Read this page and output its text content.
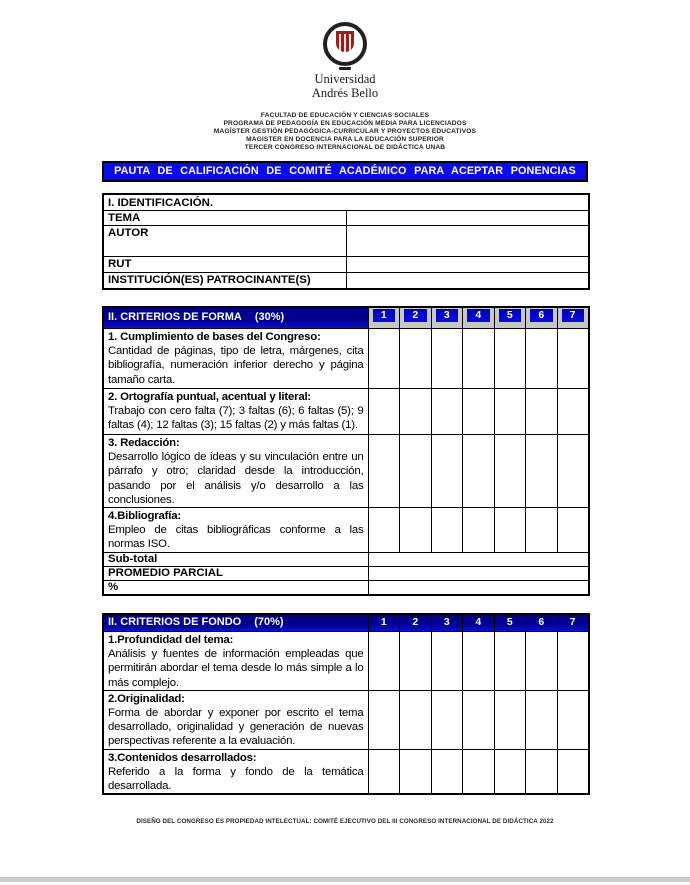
Universidad
Andrés Bello
FACULTAD DE EDUCACIÓN Y CIENCIAS SOCIALES
PROGRAMA DE PEDAGOGÍA EN EDUCACIÓN MEDIA PARA LICENCIADOS
MAGÍSTER GESTIÓN PEDAGÓGICA-CURRICULAR Y PROYECTOS EDUCATIVOS
MAGISTER EN DOCENCIA PARA LA EDUCACIÓN SUPERIOR
TERCER CONGRESO INTERNACIONAL DE DIDÁCTICA UNAB
PAUTA DE CALIFICACIÓN DE COMITÉ ACADÉMICO PARA ACEPTAR PONENCIAS
I. IDENTIFICACIÓN.	
TEMA	
AUTOR	
RUT	
INSTITUCIÓN(ES) PATROCINANTE(S)	
II. CRITERIOS DE FORMA (30%)	1	2	3	4	5	6	7

1. Cumplimiento de bases del Congreso:
Cantidad de páginas, tipo de letra, márgenes, cita bibliografía, numeración inferior derecho y página tamaño carta.							

2. Ortografía puntual, acentual y literal:
Trabajo con cero falta (7); 3 faltas (6); 6 faltas (5); 9 faltas (4); 12 faltas (3); 15 faltas (2) y más faltas (1).							

3. Redacción:
Desarrollo lógico de ideas y su vinculación entre un párrafo y otro; claridad desde la introducción, pasando por el análisis y/o desarrollo a las conclusiones.							

4.Bibliografía:
Empleo de citas bibliográficas conforme a las normas ISO.							

Sub-total							
PROMEDIO PARCIAL							
%							
II. CRITERIOS DE FONDO (70%)	1	2	3	4	5	6	7

1.Profundidad del tema:
Análisis y fuentes de información empleadas que permitirán abordar el tema desde lo más simple a lo más complejo.							

2.Originalidad:
Forma de abordar y exponer por escrito el tema desarrollado, originalidad y generación de nuevas perspectivas referente a la evaluación.							

3.Contenidos desarrollados:
Referido a la forma y fondo de la temática desarrollada.							

DISEÑO DEL CONGRESO ES PROPIEDAD INTELECTUAL: COMITÉ EJECUTIVO DEL III CONGRESO INTERNACIONAL DE DIDÁCTICA 2022
